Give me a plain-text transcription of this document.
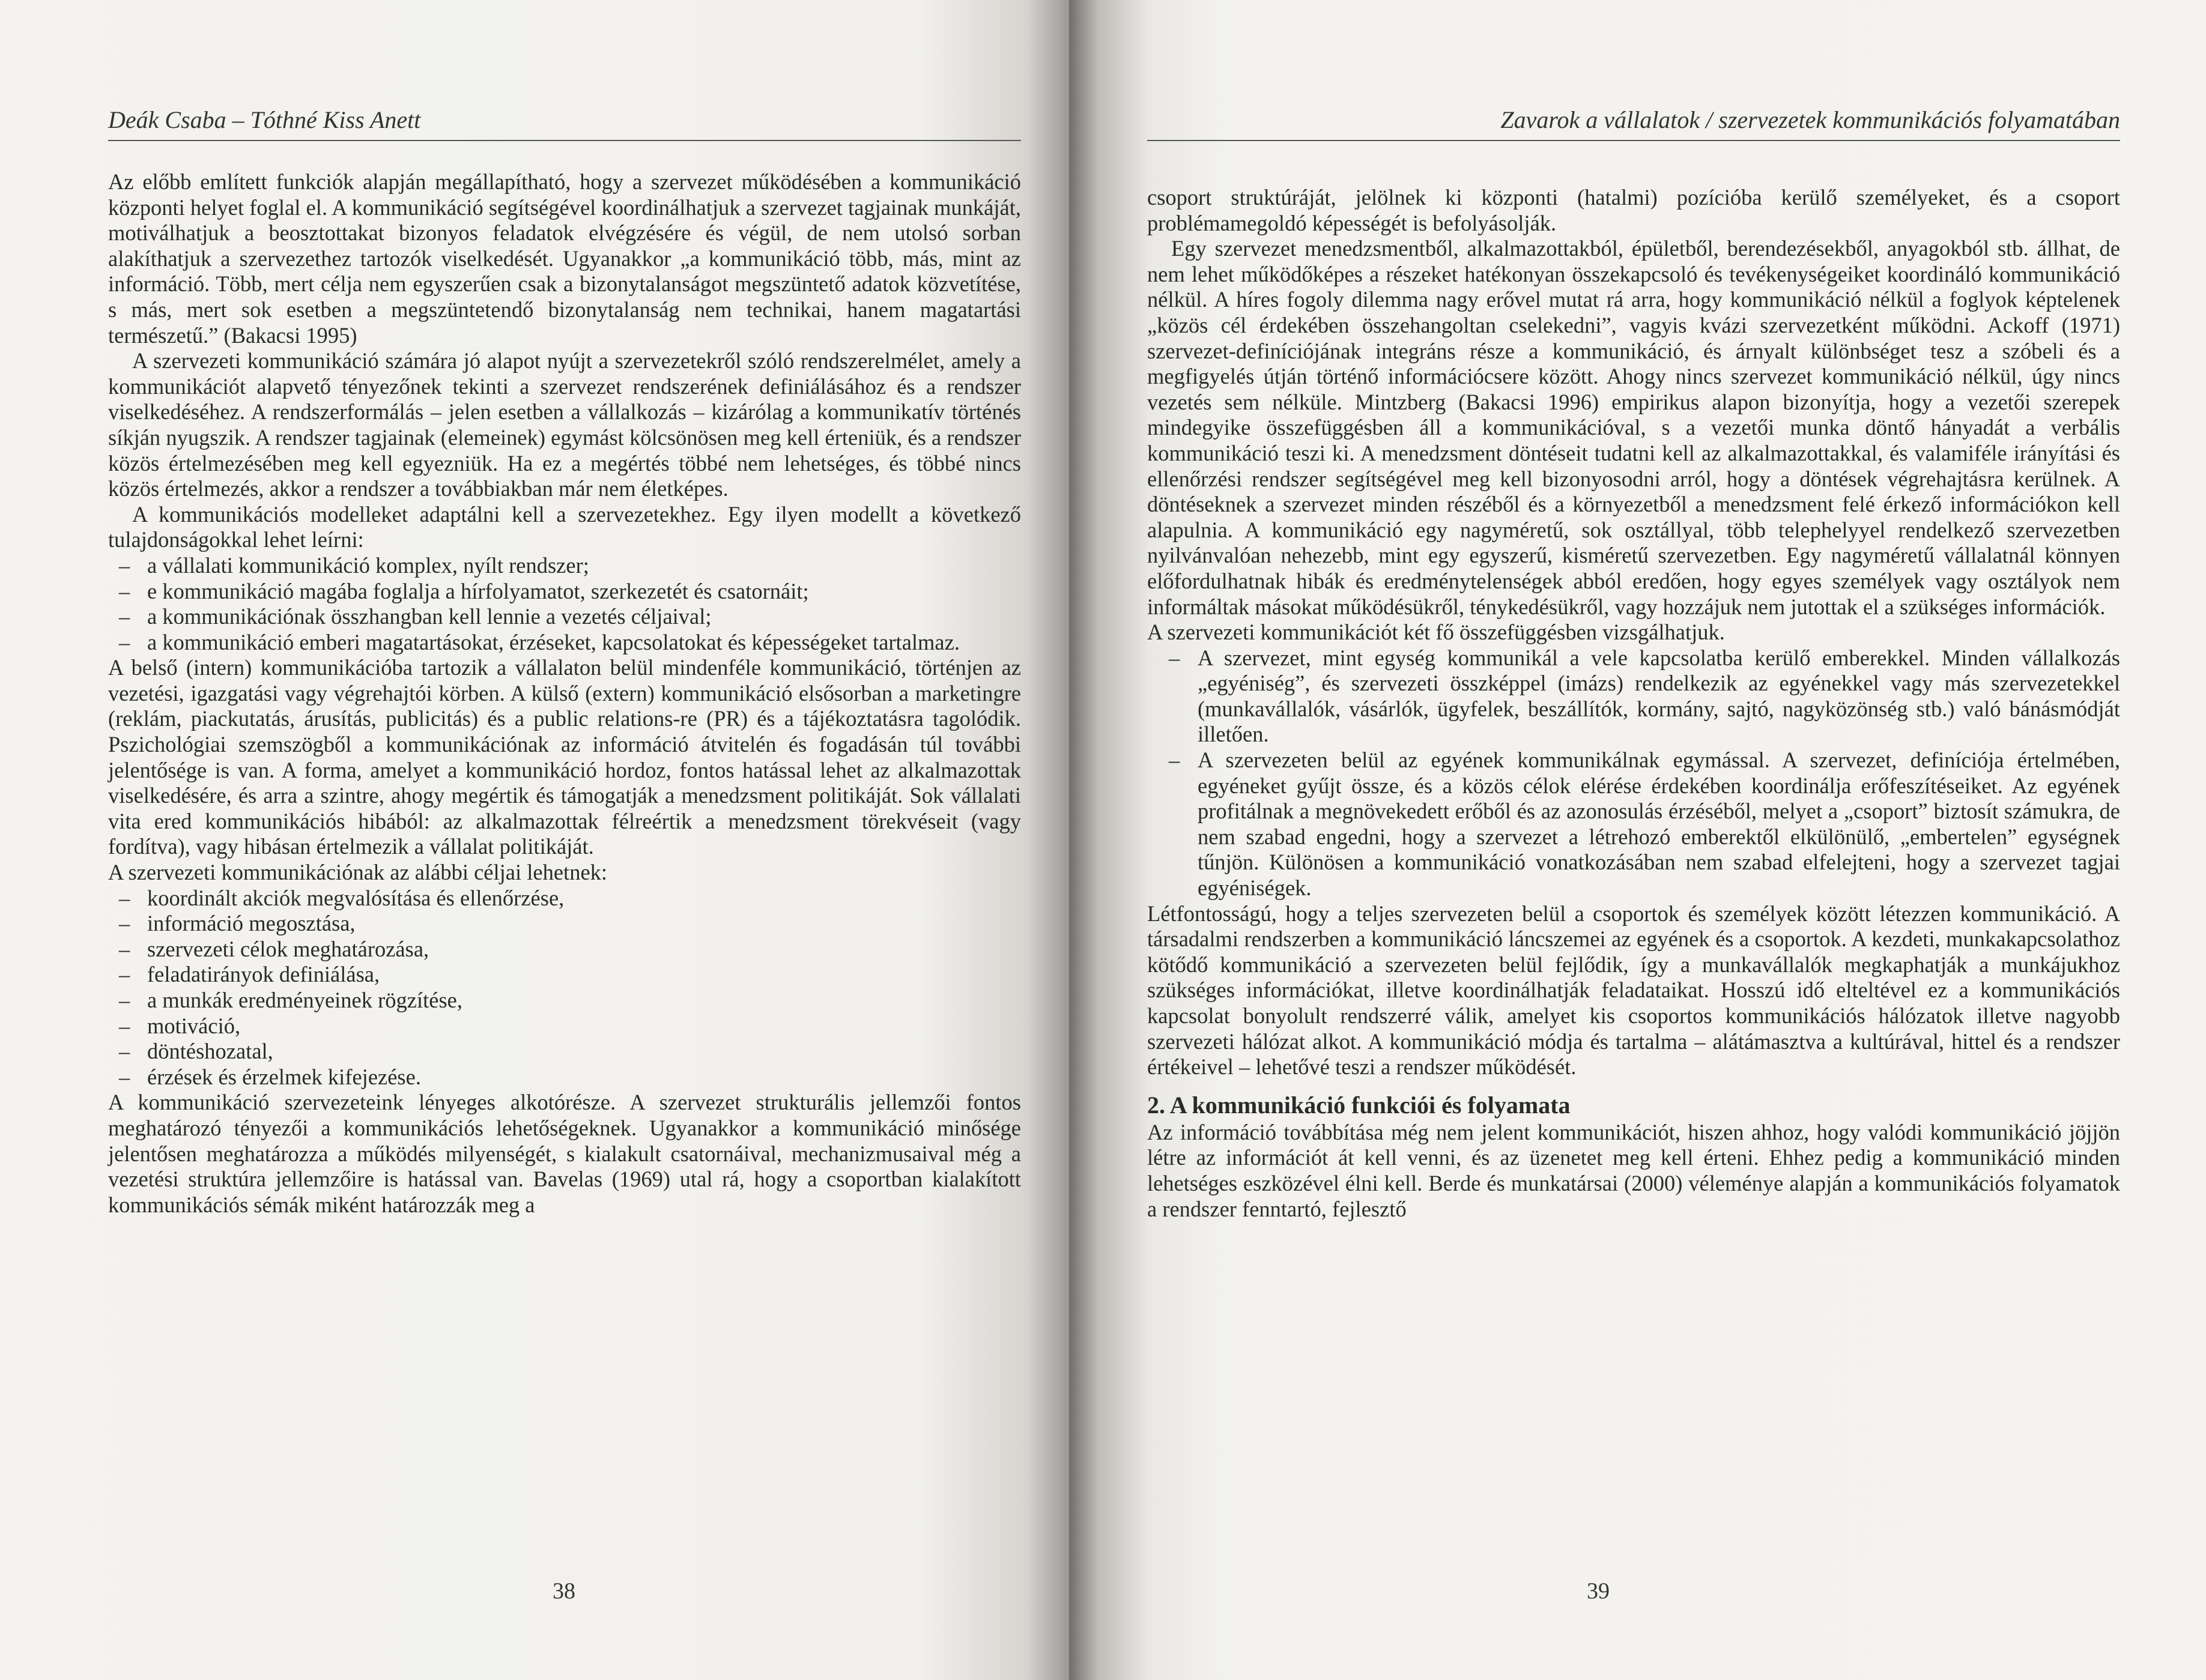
Deák Csaba – Tóthné Kiss Anett

Az előbb említett funkciók alapján megállapítható, hogy a szervezet működésében a kommunikáció központi helyet foglal el. A kommunikáció segítségével koordinálhatjuk a szervezet tagjainak munkáját, motiválhatjuk a beosztottakat bizonyos feladatok elvégzésére és végül, de nem utolsó sorban alakíthatjuk a szervezethez tartozók viselkedését. Ugyanakkor „a kommunikáció több, más, mint az információ. Több, mert célja nem egyszerűen csak a bizonytalanságot megszüntető adatok közvetítése, s más, mert sok esetben a megszüntetendő bizonytalanság nem technikai, hanem magatartási természetű.” (Bakacsi 1995)

A szervezeti kommunikáció számára jó alapot nyújt a szervezetekről szóló rendszerelmélet, amely a kommunikációt alapvető tényezőnek tekinti a szervezet rendszerének definiálásához és a rendszer viselkedéséhez. A rendszerformálás – jelen esetben a vállalkozás – kizárólag a kommunikatív történés síkján nyugszik. A rendszer tagjainak (elemeinek) egymást kölcsönösen meg kell érteniük, és a rendszer közös értelmezésében meg kell egyezniük. Ha ez a megértés többé nem lehetséges, és többé nincs közös értelmezés, akkor a rendszer a továbbiakban már nem életképes.

A kommunikációs modelleket adaptálni kell a szervezetekhez. Egy ilyen modellt a következő tulajdonságokkal lehet leírni:

– a vállalati kommunikáció komplex, nyílt rendszer;
– e kommunikáció magába foglalja a hírfolyamatot, szerkezetét és csatornáit;
– a kommunikációnak összhangban kell lennie a vezetés céljaival;
– a kommunikáció emberi magatartásokat, érzéseket, kapcsolatokat és képességeket tartalmaz.

A belső (intern) kommunikációba tartozik a vállalaton belül mindenféle kommunikáció, történjen az vezetési, igazgatási vagy végrehajtói körben. A külső (extern) kommunikáció elsősorban a marketingre (reklám, piackutatás, árusítás, publicitás) és a public relations-re (PR) és a tájékoztatásra tagolódik. Pszichológiai szemszögből a kommunikációnak az információ átvitelén és fogadásán túl további jelentősége is van. A forma, amelyet a kommunikáció hordoz, fontos hatással lehet az alkalmazottak viselkedésére, és arra a szintre, ahogy megértik és támogatják a menedzsment politikáját. Sok vállalati vita ered kommunikációs hibából: az alkalmazottak félreértik a menedzsment törekvéseit (vagy fordítva), vagy hibásan értelmezik a vállalat politikáját.

A szervezeti kommunikációnak az alábbi céljai lehetnek:

– koordinált akciók megvalósítása és ellenőrzése,
– információ megosztása,
– szervezeti célok meghatározása,
– feladatirányok definiálása,
– a munkák eredményeinek rögzítése,
– motiváció,
– döntéshozatal,
– érzések és érzelmek kifejezése.

A kommunikáció szervezeteink lényeges alkotórésze. A szervezet strukturális jellemzői fontos meghatározó tényezői a kommunikációs lehetőségeknek. Ugyanakkor a kommunikáció minősége jelentősen meghatározza a működés milyenségét, s kialakult csatornáival, mechanizmusaival még a vezetési struktúra jellemzőire is hatással van. Bavelas (1969) utal rá, hogy a csoportban kialakított kommunikációs sémák miként határozzák meg a

38
Zavarok a vállalatok / szervezetek kommunikációs folyamatában

csoport struktúráját, jelölnek ki központi (hatalmi) pozícióba kerülő személyeket, és a csoport problémamegoldó képességét is befolyásolják.

Egy szervezet menedzsmentből, alkalmazottakból, épületből, berendezésekből, anyagokból stb. állhat, de nem lehet működőképes a részeket hatékonyan összekapcsoló és tevékenységeiket koordináló kommunikáció nélkül. A híres fogoly dilemma nagy erővel mutat rá arra, hogy kommunikáció nélkül a foglyok képtelenek „közös cél érdekében összehangoltan cselekedni”, vagyis kvázi szervezetként működni. Ackoff (1971) szervezet-definíciójának integráns része a kommunikáció, és árnyalt különbséget tesz a szóbeli és a megfigyelés útján történő információcsere között. Ahogy nincs szervezet kommunikáció nélkül, úgy nincs vezetés sem nélküle. Mintzberg (Bakacsi 1996) empirikus alapon bizonyítja, hogy a vezetői szerepek mindegyike összefüggésben áll a kommunikációval, s a vezetői munka döntő hányadát a verbális kommunikáció teszi ki. A menedzsment döntéseit tudatni kell az alkalmazottakkal, és valamiféle irányítási és ellenőrzési rendszer segítségével meg kell bizonyosodni arról, hogy a döntések végrehajtásra kerülnek. A döntéseknek a szervezet minden részéből és a környezetből a menedzsment felé érkező információkon kell alapulnia. A kommunikáció egy nagyméretű, sok osztállyal, több telephelyyel rendelkező szervezetben nyilvánvalóan nehezebb, mint egy egyszerű, kisméretű szervezetben. Egy nagyméretű vállalatnál könnyen előfordulhatnak hibák és eredménytelenségek abból eredően, hogy egyes személyek vagy osztályok nem informáltak másokat működésükről, ténykedésükről, vagy hozzájuk nem jutottak el a szükséges információk.

A szervezeti kommunikációt két fő összefüggésben vizsgálhatjuk.

– A szervezet, mint egység kommunikál a vele kapcsolatba kerülő emberekkel. Minden vállalkozás „egyéniség”, és szervezeti összképpel (imázs) rendelkezik az egyénekkel vagy más szervezetekkel (munkavállalók, vásárlók, ügyfelek, beszállítók, kormány, sajtó, nagyközönség stb.) való bánásmódját illetően.
– A szervezeten belül az egyének kommunikálnak egymással. A szervezet, definíciója értelmében, egyéneket gyűjt össze, és a közös célok elérése érdekében koordinálja erőfeszítéseiket. Az egyének profitálnak a megnövekedett erőből és az azonosulás érzéséből, melyet a „csoport” biztosít számukra, de nem szabad engedni, hogy a szervezet a létrehozó emberektől elkülönülő, „embertelen” egységnek tűnjön. Különösen a kommunikáció vonatkozásában nem szabad elfelejteni, hogy a szervezet tagjai egyéniségek.

Létfontosságú, hogy a teljes szervezeten belül a csoportok és személyek között létezzen kommunikáció. A társadalmi rendszerben a kommunikáció láncszemei az egyének és a csoportok. A kezdeti, munkakapcsolathoz kötődő kommunikáció a szervezeten belül fejlődik, így a munkavállalók megkaphatják a munkájukhoz szükséges információkat, illetve koordinálhatják feladataikat. Hosszú idő elteltével ez a kommunikációs kapcsolat bonyolult rendszerré válik, amelyet kis csoportos kommunikációs hálózatok illetve nagyobb szervezeti hálózat alkot. A kommunikáció módja és tartalma – alátámasztva a kultúrával, hittel és a rendszer értékeivel – lehetővé teszi a rendszer működését.

2. A kommunikáció funkciói és folyamata

Az információ továbbítása még nem jelent kommunikációt, hiszen ahhoz, hogy valódi kommunikáció jöjjön létre az információt át kell venni, és az üzenetet meg kell érteni. Ehhez pedig a kommunikáció minden lehetséges eszközével élni kell. Berde és munkatársai (2000) véleménye alapján a kommunikációs folyamatok a rendszer fenntartó, fejlesztő

39
